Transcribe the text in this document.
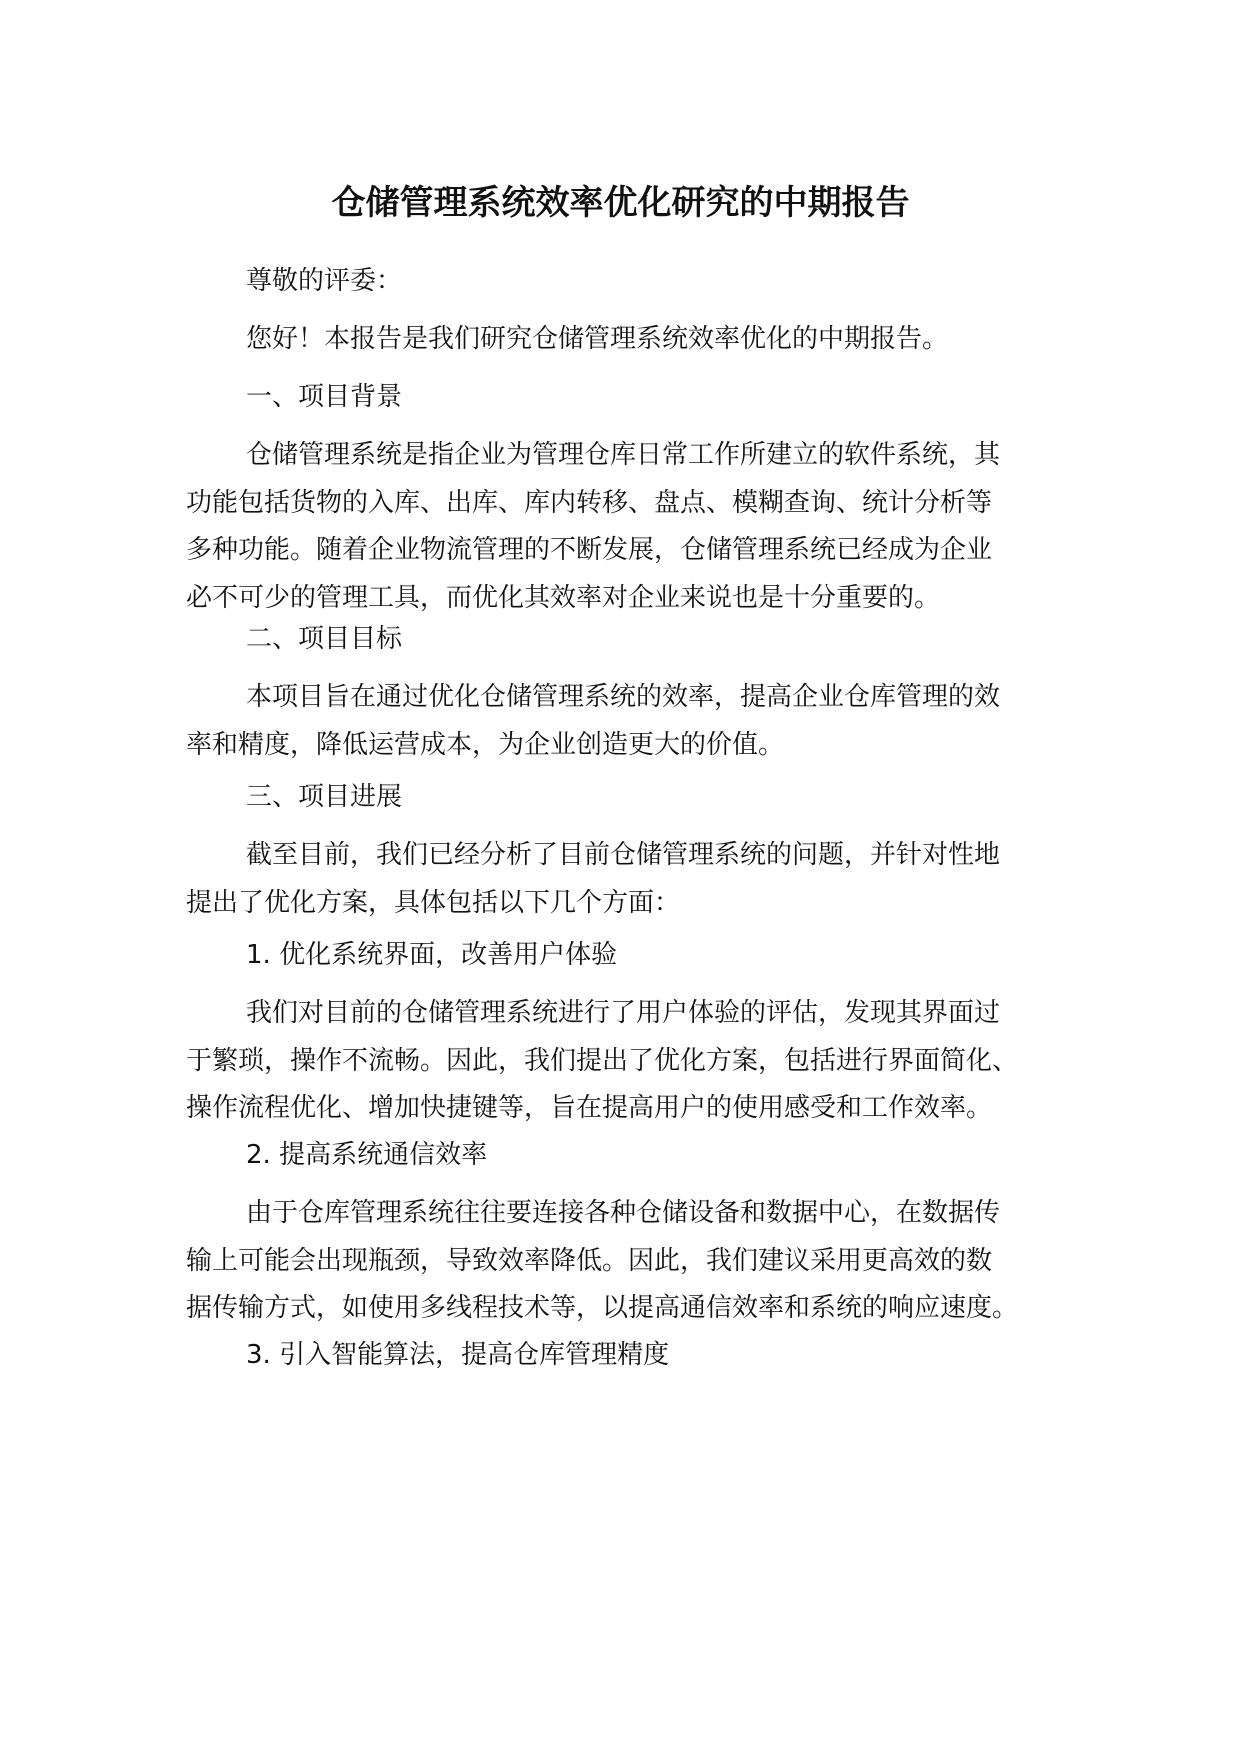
仓储管理系统效率优化研究的中期报告

尊敬的评委：

您好！本报告是我们研究仓储管理系统效率优化的中期报告。

一、项目背景

仓储管理系统是指企业为管理仓库日常工作所建立的软件系统，其
功能包括货物的入库、出库、库内转移、盘点、模糊查询、统计分析等
多种功能。随着企业物流管理的不断发展，仓储管理系统已经成为企业
必不可少的管理工具，而优化其效率对企业来说也是十分重要的。

二、项目目标

本项目旨在通过优化仓储管理系统的效率，提高企业仓库管理的效
率和精度，降低运营成本，为企业创造更大的价值。

三、项目进展

截至目前，我们已经分析了目前仓储管理系统的问题，并针对性地
提出了优化方案，具体包括以下几个方面：

1. 优化系统界面，改善用户体验

我们对目前的仓储管理系统进行了用户体验的评估，发现其界面过
于繁琐，操作不流畅。因此，我们提出了优化方案，包括进行界面简化、
操作流程优化、增加快捷键等，旨在提高用户的使用感受和工作效率。

2. 提高系统通信效率

由于仓库管理系统往往要连接各种仓储设备和数据中心，在数据传
输上可能会出现瓶颈，导致效率降低。因此，我们建议采用更高效的数
据传输方式，如使用多线程技术等，以提高通信效率和系统的响应速度。

3. 引入智能算法，提高仓库管理精度
